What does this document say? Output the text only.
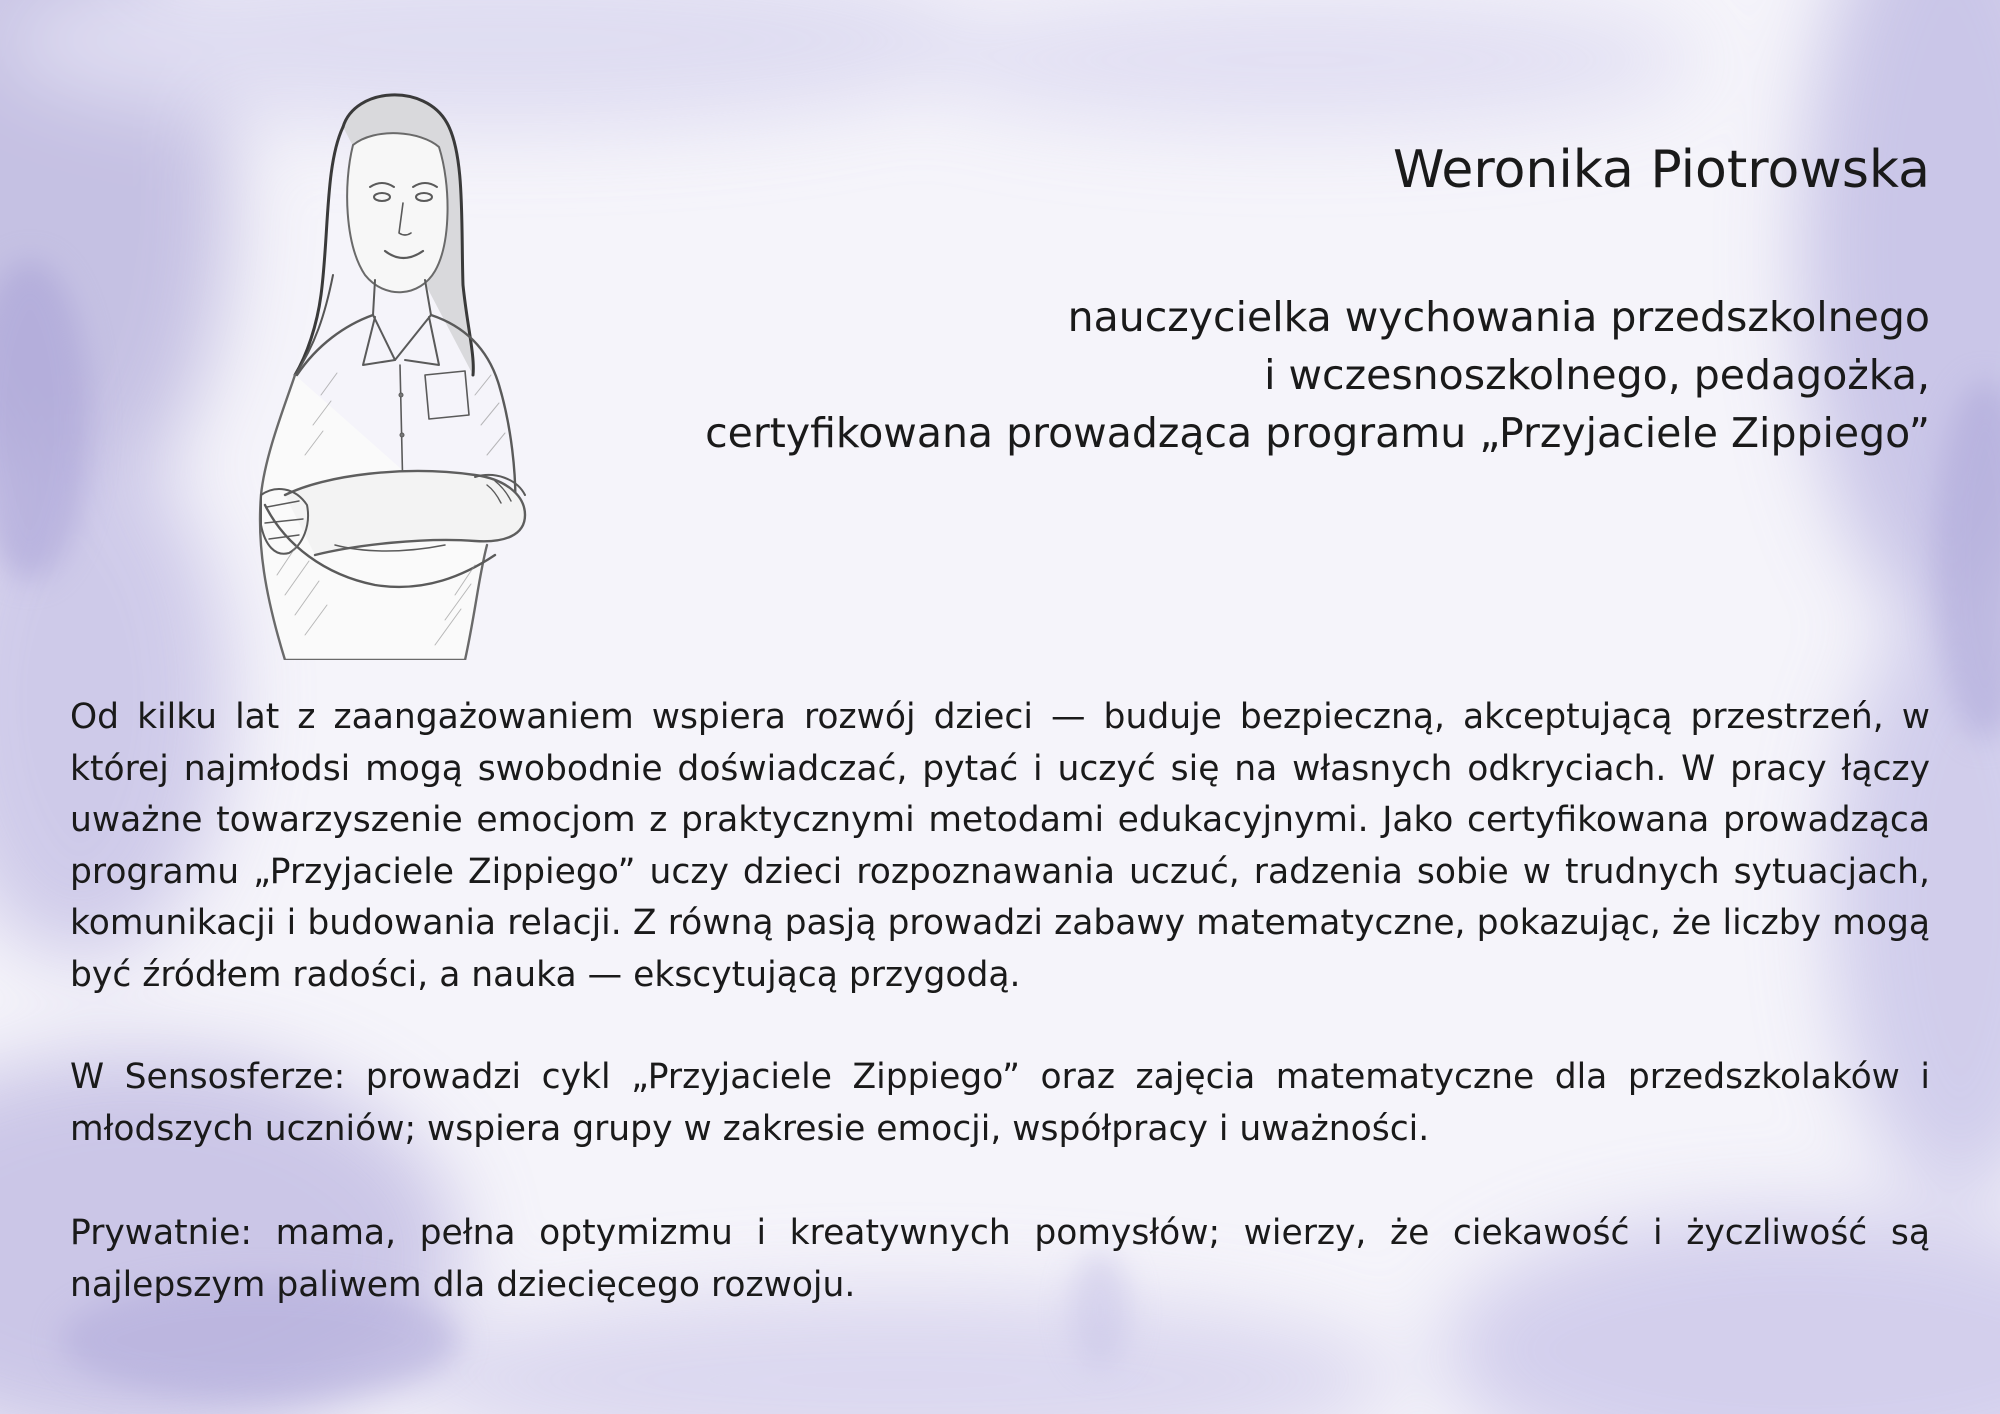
Weronika Piotrowska
nauczycielka wychowania przedszkolnego
i wczesnoszkolnego, pedagożka,
certyfikowana prowadząca programu „Przyjaciele Zippiego”

Od kilku lat z zaangażowaniem wspiera rozwój dzieci — buduje bezpieczną, akceptującą przestrzeń, w której najmłodsi mogą swobodnie doświadczać, pytać i uczyć się na własnych odkryciach. W pracy łączy uważne towarzyszenie emocjom z praktycznymi metodami edukacyjnymi. Jako certyfikowana prowadząca programu „Przyjaciele Zippiego” uczy dzieci rozpoznawania uczuć, radzenia sobie w trudnych sytuacjach, komunikacji i budowania relacji. Z równą pasją prowadzi zabawy matematyczne, pokazując, że liczby mogą być źródłem radości, a nauka — ekscytującą przygodą.

W Sensosferze: prowadzi cykl „Przyjaciele Zippiego” oraz zajęcia matematyczne dla przedszkolaków i młodszych uczniów; wspiera grupy w zakresie emocji, współpracy i uważności.

Prywatnie: mama, pełna optymizmu i kreatywnych pomysłów; wierzy, że ciekawość i życzliwość są najlepszym paliwem dla dziecięcego rozwoju.
